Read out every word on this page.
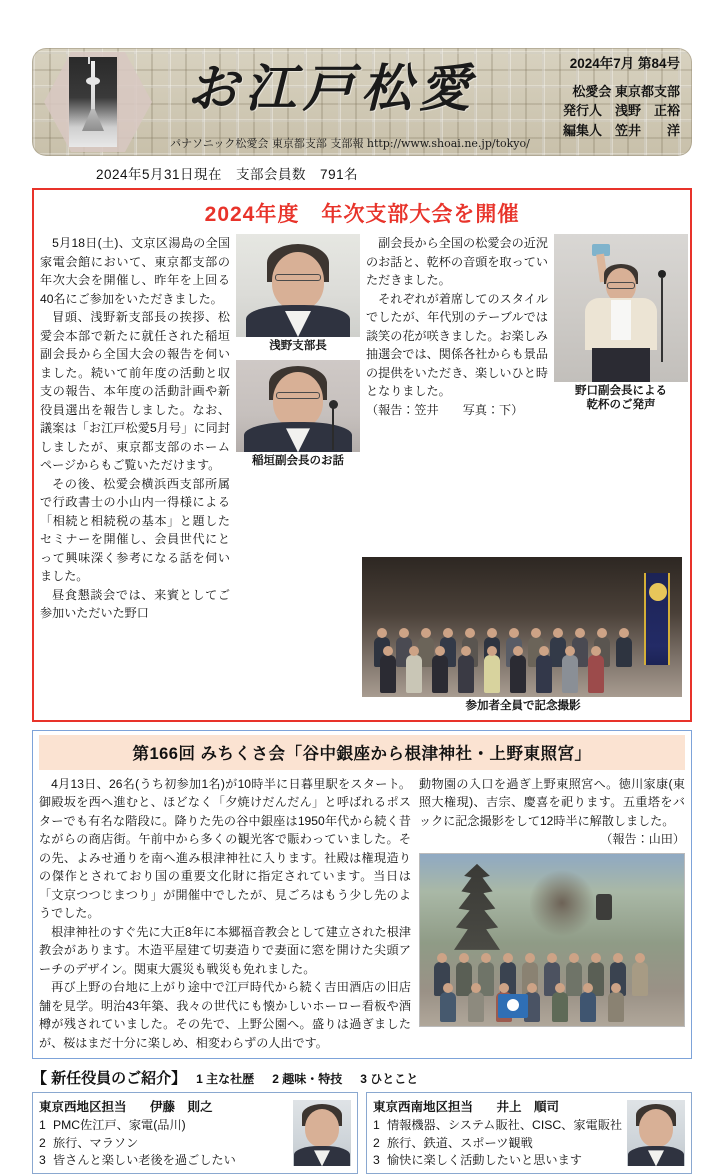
お江戸松愛
パナソニック松愛会 東京都支部 支部報 http://www.shoai.ne.jp/tokyo/
2024年7月 第84号
松愛会 東京都支部
発行人　浅野　正裕
編集人　笠井　　洋
2024年5月31日現在　支部会員数　791名
2024年度　年次支部大会を開催

5月18日(土)、文京区湯島の全国家電会館において、東京都支部の年次大会を開催し、昨年を上回る40名にご参加をいただきました。

冒頭、浅野新支部長の挨拶、松愛会本部で新たに就任された稲垣副会長から全国大会の報告を伺いました。続いて前年度の活動と収支の報告、本年度の活動計画や新役員選出を報告しました。なお、議案は「お江戸松愛5月号」に同封しましたが、東京都支部のホームページからもご覧いただけます。

その後、松愛会横浜西支部所属で行政書士の小山内一得様による「相続と相続税の基本」と題したセミナーを開催し、会員世代にとって興味深く参考になる話を伺いました。

昼食懇談会では、来賓としてご参加いただいた野口

浅野支部長
稲垣副会長のお話

副会長から全国の松愛会の近況のお話と、乾杯の音頭を取っていただきました。

それぞれが着席してのスタイルでしたが、年代別のテーブルでは談笑の花が咲きました。お楽しみ抽選会では、関係各社からも景品の提供をいただき、楽しいひと時となりました。

（報告：笠井　　写真：下）

野口副会長による
乾杯のご発声
参加者全員で記念撮影
第166回 みちくさ会「谷中銀座から根津神社・上野東照宮」

4月13日、26名(うち初参加1名)が10時半に日暮里駅をスタート。御殿坂を西へ進むと、ほどなく「夕焼けだんだん」と呼ばれるポスターでも有名な階段に。降りた先の谷中銀座は1950年代から続く昔ながらの商店街。午前中から多くの観光客で賑わっていました。その先、よみせ通りを南へ進み根津神社に入ります。社殿は権現造りの傑作とされており国の重要文化財に指定されています。当日は「文京つつじまつり」が開催中でしたが、見ごろはもう少し先のようでした。

根津神社のすぐ先に大正8年に本郷福音教会として建立された根津教会があります。木造平屋建て切妻造りで妻面に窓を開けた尖頭アーチのデザイン。関東大震災も戦災も免れました。

再び上野の台地に上がり途中で江戸時代から続く吉田酒店の旧店舗を見学。明治43年築、我々の世代にも懐かしいホーロー看板や酒樽が残されていました。その先で、上野公園へ。盛りは過ぎましたが、桜はまだ十分に楽しめ、相変わらずの人出です。

動物園の入口を過ぎ上野東照宮へ。徳川家康(東照大権現)、吉宗、慶喜を祀ります。五重塔をバックに記念撮影をして12時半に解散しました。

（報告：山田）

【 新任役員のご紹介】 1 主な社歴 2 趣味・特技 3 ひとこと
東京西地区担当 伊藤　則之
1 PMC佐江戸、家電(品川)
2 旅行、マラソン
3 皆さんと楽しい老後を過ごしたい
東京西南地区担当 井上　順司
1 情報機器、システム販社、CISC、家電販社
2 旅行、鉄道、スポーツ観戦
3 愉快に楽しく活動したいと思います
